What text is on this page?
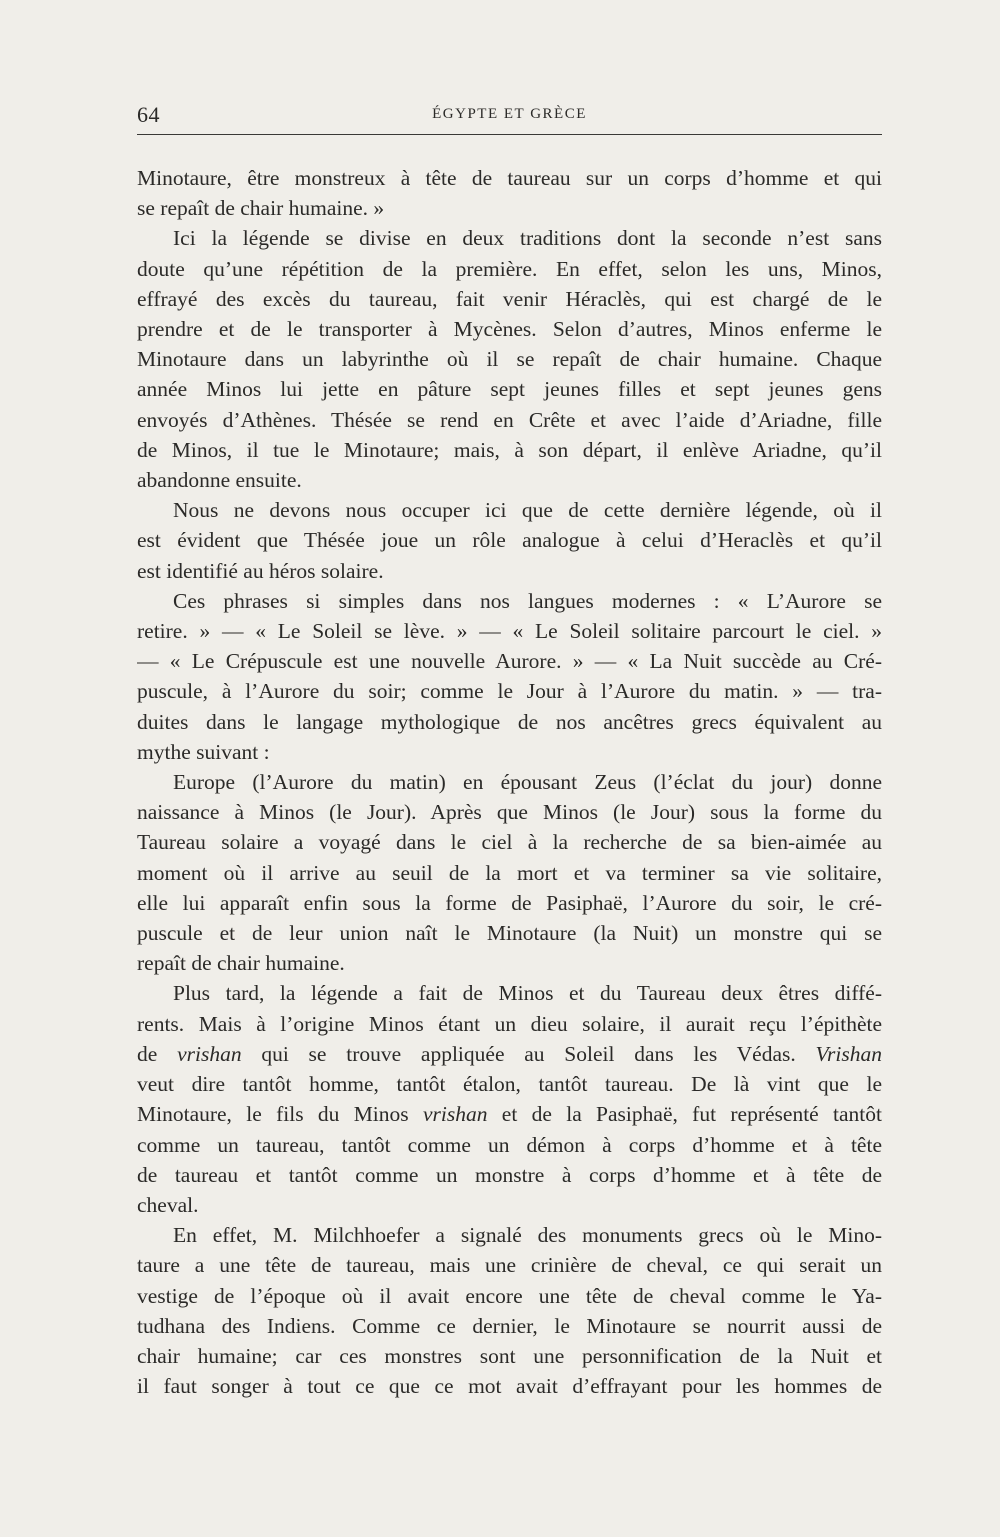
64	ÉGYPTE ET GRÈCE
Minotaure, être monstreux à tête de taureau sur un corps d’homme et qui
se repaît de chair humaine. »
Ici la légende se divise en deux traditions dont la seconde n’est sans
doute qu’une répétition de la première. En effet, selon les uns, Minos,
effrayé des excès du taureau, fait venir Héraclès, qui est chargé de le
prendre et de le transporter à Mycènes. Selon d’autres, Minos enferme le
Minotaure dans un labyrinthe où il se repaît de chair humaine. Chaque
année Minos lui jette en pâture sept jeunes filles et sept jeunes gens
envoyés d’Athènes. Thésée se rend en Crête et avec l’aide d’Ariadne, fille
de Minos, il tue le Minotaure; mais, à son départ, il enlève Ariadne, qu’il
abandonne ensuite.
Nous ne devons nous occuper ici que de cette dernière légende, où il
est évident que Thésée joue un rôle analogue à celui d’Heraclès et qu’il
est identifié au héros solaire.
Ces phrases si simples dans nos langues modernes : « L’Aurore se
retire. » — « Le Soleil se lève. » — « Le Soleil solitaire parcourt le ciel. »
— « Le Crépuscule est une nouvelle Aurore. » — « La Nuit succède au Cré-
puscule, à l’Aurore du soir; comme le Jour à l’Aurore du matin. » — tra-
duites dans le langage mythologique de nos ancêtres grecs équivalent au
mythe suivant :
Europe (l’Aurore du matin) en épousant Zeus (l’éclat du jour) donne
naissance à Minos (le Jour). Après que Minos (le Jour) sous la forme du
Taureau solaire a voyagé dans le ciel à la recherche de sa bien-aimée au
moment où il arrive au seuil de la mort et va terminer sa vie solitaire,
elle lui apparaît enfin sous la forme de Pasiphaë, l’Aurore du soir, le cré-
puscule et de leur union naît le Minotaure (la Nuit) un monstre qui se
repaît de chair humaine.
Plus tard, la légende a fait de Minos et du Taureau deux êtres diffé-
rents. Mais à l’origine Minos étant un dieu solaire, il aurait reçu l’épithète
de vrishan qui se trouve appliquée au Soleil dans les Védas. Vrishan
veut dire tantôt homme, tantôt étalon, tantôt taureau. De là vint que le
Minotaure, le fils du Minos vrishan et de la Pasiphaë, fut représenté tantôt
comme un taureau, tantôt comme un démon à corps d’homme et à tête
de taureau et tantôt comme un monstre à corps d’homme et à tête de
cheval.
En effet, M. Milchhoefer a signalé des monuments grecs où le Mino-
taure a une tête de taureau, mais une crinière de cheval, ce qui serait un
vestige de l’époque où il avait encore une tête de cheval comme le Ya-
tudhana des Indiens. Comme ce dernier, le Minotaure se nourrit aussi de
chair humaine; car ces monstres sont une personnification de la Nuit et
il faut songer à tout ce que ce mot avait d’effrayant pour les hommes de
